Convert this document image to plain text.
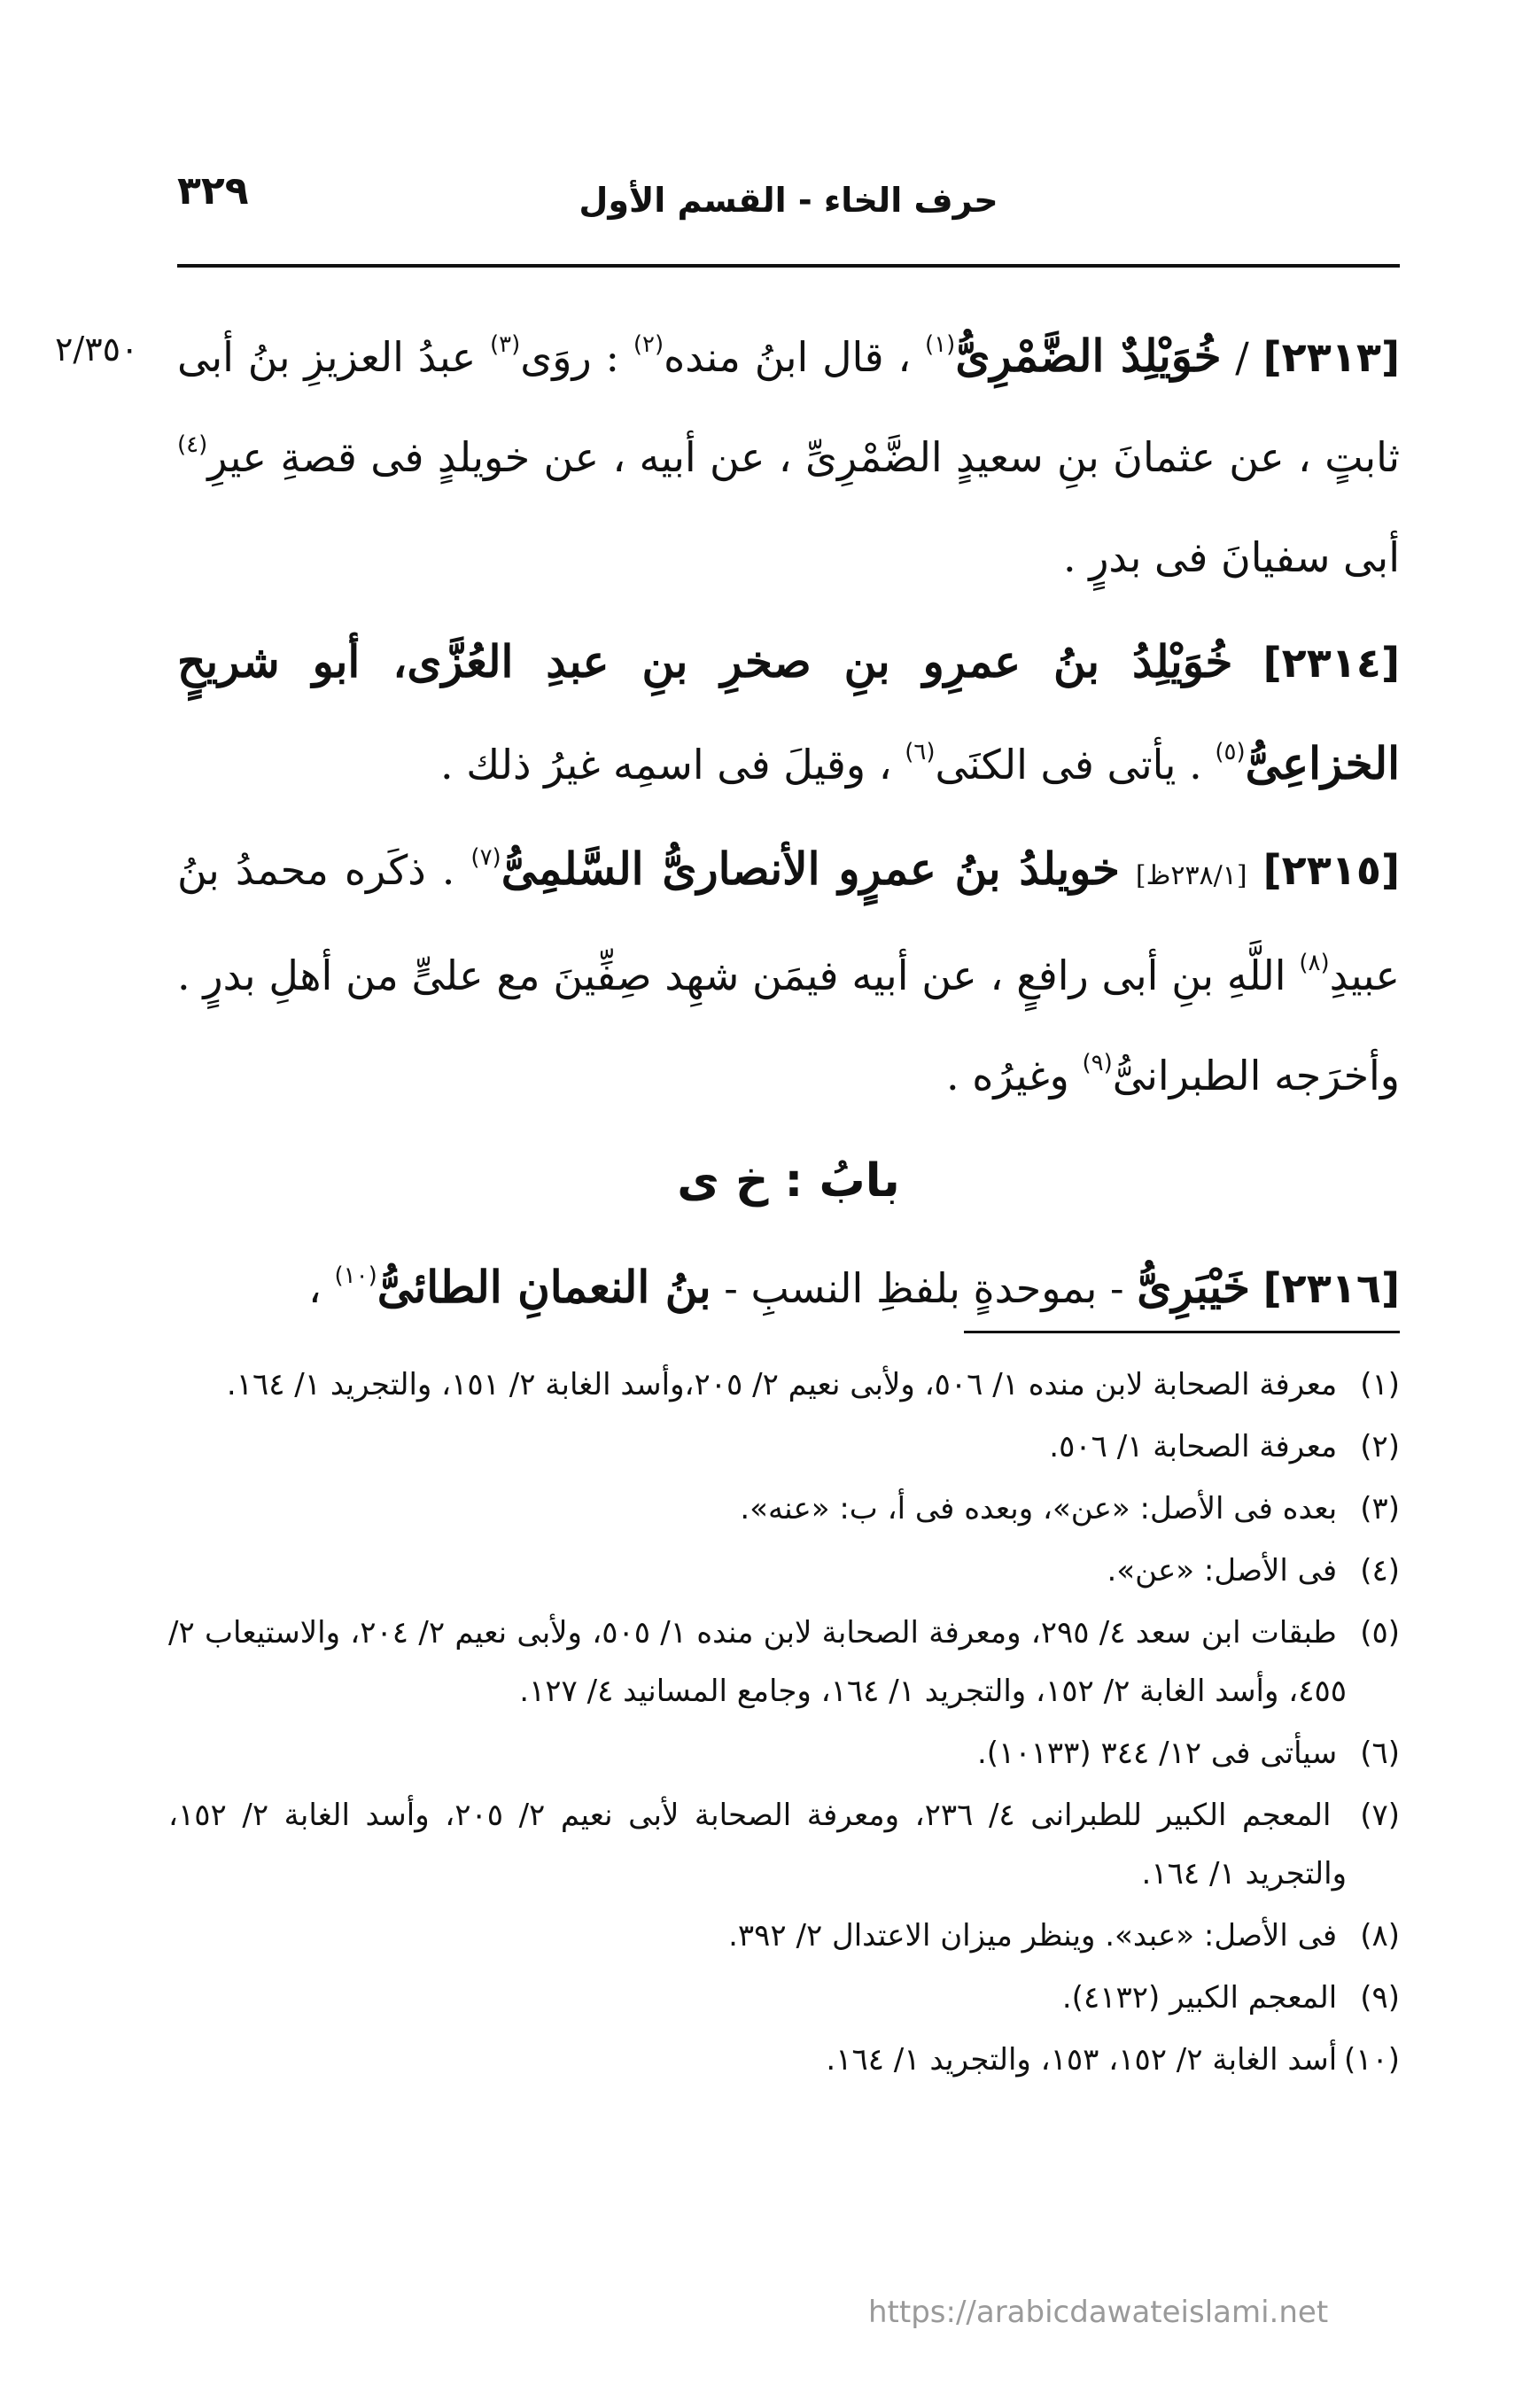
٣٢٩	حرف الخاء - القسم الأول
٢/٣٥٠	[٢٣١٣] / خُوَيْلِدٌ الضَّمْرِىُّ$^{(١)}$ ، قال ابنُ منده$^{(٢)}$ : روَى$^{(٣)}$ عبدُ العزيزِ بنُ أبى ثابتٍ ، عن عثمانَ بنِ سعيدٍ الضَّمْرِىِّ ، عن أبيه ، عن خويلدٍ فى قصةِ عيرِ$^{(٤)}$ أبى سفيانَ فى بدرٍ .

[٢٣١٤] خُوَيْلِدُ بنُ عمرِو بنِ صخرِ بنِ عبدِ العُزَّى، أبو شريحٍ الخزاعِىُّ$^{(٥)}$ . يأتى فى الكنَى$^{(٦)}$ ، وقيلَ فى اسمِه غيرُ ذلك .

[٢٣١٥] [٢٣٨/١ظ] خويلدُ بنُ عمرٍو الأنصارىُّ السَّلمِىُّ$^{(٧)}$ . ذكَره محمدُ بنُ عبيدِ$^{(٨)}$ اللَّهِ بنِ أبى رافعٍ ، عن أبيه فيمَن شهِد صِفِّينَ مع علىٍّ من أهلِ بدرٍ . وأخرَجه الطبرانىُّ$^{(٩)}$ وغيرُه .

بابُ : خ ى

[٢٣١٦] خَيْبَرِىُّ - بموحدةٍ بلفظِ النسبِ - بنُ النعمانِ الطائىُّ$^{(١٠)}$ ،

(١) معرفة الصحابة لابن منده ١/ ٥٠٦، ولأبى نعيم ٢/ ٢٠٥،وأسد الغابة ٢/ ١٥١، والتجريد ١/ ١٦٤.
(٢) معرفة الصحابة ١/ ٥٠٦.
(٣) بعده فى الأصل: «عن»، وبعده فى أ، ب: «عنه».
(٤) فى الأصل: «عن».
(٥) طبقات ابن سعد ٤/ ٢٩٥، ومعرفة الصحابة لابن منده ١/ ٥٠٥، ولأبى نعيم ٢/ ٢٠٤، والاستيعاب ٢/ ٤٥٥، وأسد الغابة ٢/ ١٥٢، والتجريد ١/ ١٦٤، وجامع المسانيد ٤/ ١٢٧.
(٦) سيأتى فى ١٢/ ٣٤٤ (١٠١٣٣).
(٧) المعجم الكبير للطبرانى ٤/ ٢٣٦، ومعرفة الصحابة لأبى نعيم ٢/ ٢٠٥، وأسد الغابة ٢/ ١٥٢، والتجريد ١/ ١٦٤.
(٨) فى الأصل: «عبد». وينظر ميزان الاعتدال ٢/ ٣٩٢.
(٩) المعجم الكبير (٤١٣٢).
(١٠) أسد الغابة ٢/ ١٥٢، ١٥٣، والتجريد ١/ ١٦٤.
https://arabicdawateislami.net
